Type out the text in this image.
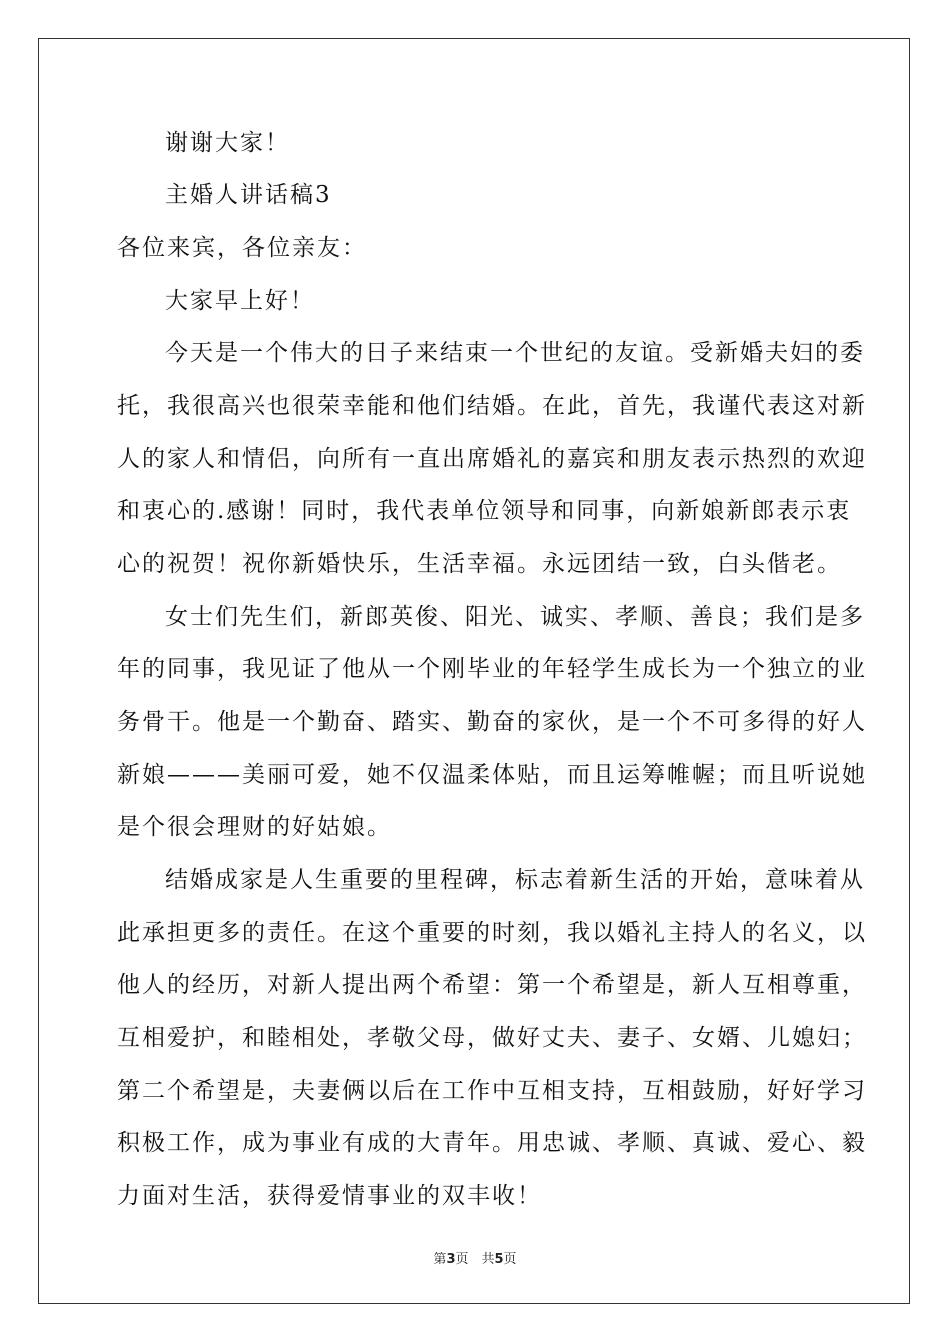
谢谢大家！
主婚人讲话稿3
各位来宾，各位亲友：
大家早上好！
今天是一个伟大的日子来结束一个世纪的友谊。受新婚夫妇的委
托，我很高兴也很荣幸能和他们结婚。在此，首先，我谨代表这对新
人的家人和情侣，向所有一直出席婚礼的嘉宾和朋友表示热烈的欢迎
和衷心的.感谢！同时，我代表单位领导和同事，向新娘新郎表示衷
心的祝贺！祝你新婚快乐，生活幸福。永远团结一致，白头偕老。
女士们先生们，新郎英俊、阳光、诚实、孝顺、善良；我们是多
年的同事，我见证了他从一个刚毕业的年轻学生成长为一个独立的业
务骨干。他是一个勤奋、踏实、勤奋的家伙，是一个不可多得的好人
新娘———美丽可爱，她不仅温柔体贴，而且运筹帷幄；而且听说她
是个很会理财的好姑娘。
结婚成家是人生重要的里程碑，标志着新生活的开始，意味着从
此承担更多的责任。在这个重要的时刻，我以婚礼主持人的名义，以
他人的经历，对新人提出两个希望：第一个希望是，新人互相尊重，
互相爱护，和睦相处，孝敬父母，做好丈夫、妻子、女婿、儿媳妇；
第二个希望是，夫妻俩以后在工作中互相支持，互相鼓励，好好学习
积极工作，成为事业有成的大青年。用忠诚、孝顺、真诚、爱心、毅
力面对生活，获得爱情事业的双丰收！
第3页　共5页
